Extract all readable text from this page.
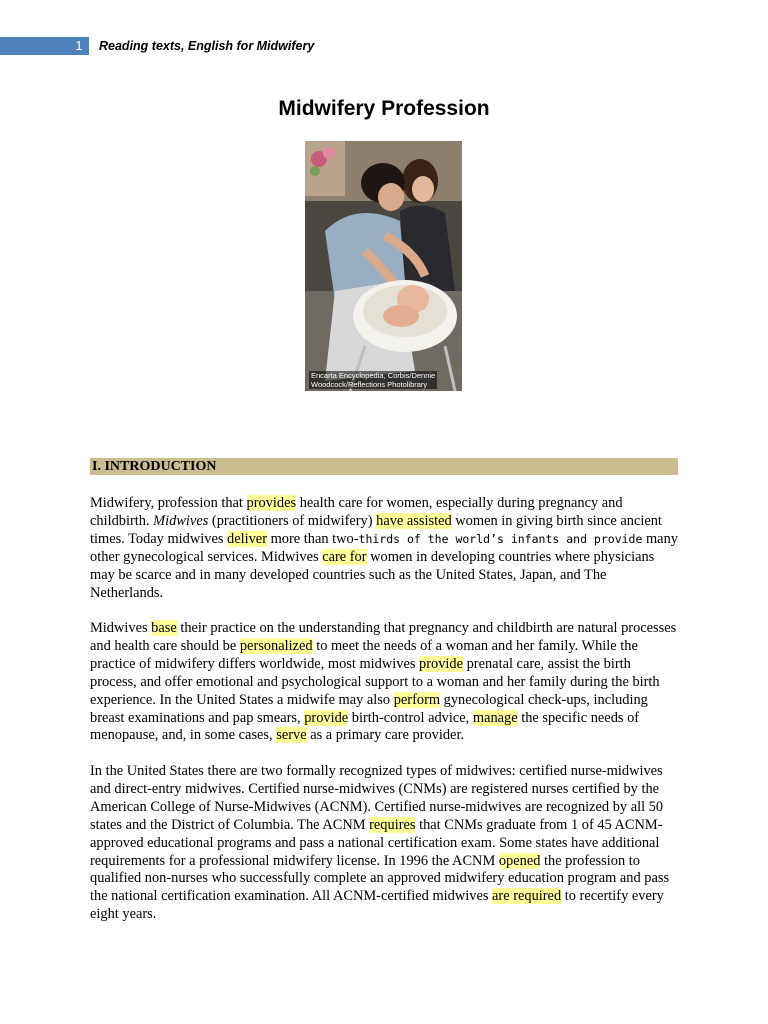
1 Reading texts, English for Midwifery
Midwifery Profession
Encarta Encyclopedia, Corbis/Dennie
Woodcock/Reflections Photolibrary
I. INTRODUCTION

Midwifery, profession that provides health care for women, especially during pregnancy and childbirth. Midwives (practitioners of midwifery) have assisted women in giving birth since ancient times. Today midwives deliver more than two-thirds of the world’s infants and provide many other gynecological services. Midwives care for women in developing countries where physicians may be scarce and in many developed countries such as the United States, Japan, and The Netherlands.

Midwives base their practice on the understanding that pregnancy and childbirth are natural processes and health care should be personalized to meet the needs of a woman and her family. While the practice of midwifery differs worldwide, most midwives provide prenatal care, assist the birth process, and offer emotional and psychological support to a woman and her family during the birth experience. In the United States a midwife may also perform gynecological check-ups, including breast examinations and pap smears, provide birth-control advice, manage the specific needs of menopause, and, in some cases, serve as a primary care provider.

In the United States there are two formally recognized types of midwives: certified nurse-midwives and direct-entry midwives. Certified nurse-midwives (CNMs) are registered nurses certified by the American College of Nurse-Midwives (ACNM). Certified nurse-midwives are recognized by all 50 states and the District of Columbia. The ACNM requires that CNMs graduate from 1 of 45 ACNM-approved educational programs and pass a national certification exam. Some states have additional requirements for a professional midwifery license. In 1996 the ACNM opened the profession to qualified non-nurses who successfully complete an approved midwifery education program and pass the national certification examination. All ACNM-certified midwives are required to recertify every eight years.
